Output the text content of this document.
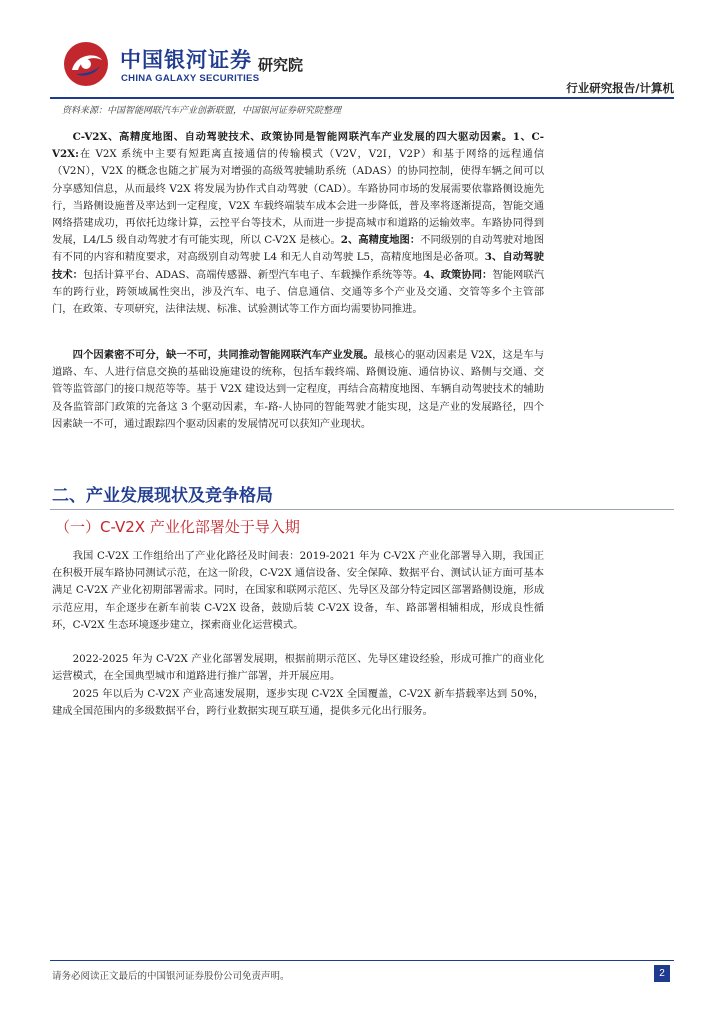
中国银河证券
CHINA GALAXY SECURITIES
研究院
行业研究报告/计算机
资料来源：中国智能网联汽车产业创新联盟，中国银河证券研究院整理

C-V2X、高精度地图、自动驾驶技术、政策协同是智能网联汽车产业发展的四大驱动因素。1、C-V2X:在 V2X 系统中主要有短距离直接通信的传输模式（V2V，V2I，V2P）和基于网络的远程通信（V2N），V2X 的概念也随之扩展为对增强的高级驾驶辅助系统（ADAS）的协同控制，使得车辆之间可以分享感知信息，从而最终 V2X 将发展为协作式自动驾驶（CAD）。车路协同市场的发展需要依靠路侧设施先行，当路侧设施普及率达到一定程度，V2X 车载终端装车成本会进一步降低，普及率将逐渐提高，智能交通网络搭建成功，再依托边缘计算，云控平台等技术，从而进一步提高城市和道路的运输效率。车路协同得到发展，L4/L5 级自动驾驶才有可能实现，所以 C-V2X 是核心。2、高精度地图：不同级别的自动驾驶对地图有不同的内容和精度要求，对高级别自动驾驶 L4 和无人自动驾驶 L5，高精度地图是必备项。3、自动驾驶技术：包括计算平台、ADAS、高端传感器、新型汽车电子、车载操作系统等等。4、政策协同：智能网联汽车的跨行业，跨领域属性突出，涉及汽车、电子、信息通信、交通等多个产业及交通、交管等多个主管部门，在政策、专项研究，法律法规、标准、试验测试等工作方面均需要协同推进。

四个因素密不可分，缺一不可，共同推动智能网联汽车产业发展。最核心的驱动因素是 V2X，这是车与道路、车、人进行信息交换的基础设施建设的统称，包括车载终端、路侧设施、通信协议、路侧与交通、交管等监管部门的接口规范等等。基于 V2X 建设达到一定程度，再结合高精度地图、车辆自动驾驶技术的辅助及各监管部门政策的完备这 3 个驱动因素，车-路-人协同的智能驾驶才能实现，这是产业的发展路径，四个因素缺一不可，通过跟踪四个驱动因素的发展情况可以获知产业现状。

二、产业发展现状及竞争格局
（一）C-V2X 产业化部署处于导入期

我国 C-V2X 工作组给出了产业化路径及时间表：2019-2021 年为 C-V2X 产业化部署导入期，我国正在积极开展车路协同测试示范，在这一阶段，C-V2X 通信设备、安全保障、数据平台、测试认证方面可基本满足 C-V2X 产业化初期部署需求。同时，在国家和联网示范区、先导区及部分特定园区部署路侧设施，形成示范应用，车企逐步在新车前装 C-V2X 设备，鼓励后装 C-V2X 设备，车、路部署相辅相成，形成良性循环，C-V2X 生态环境逐步建立，探索商业化运营模式。

2022-2025 年为 C-V2X 产业化部署发展期，根据前期示范区、先导区建设经验，形成可推广的商业化运营模式，在全国典型城市和道路进行推广部署，并开展应用。

2025 年以后为 C-V2X 产业高速发展期，逐步实现 C-V2X 全国覆盖，C-V2X 新车搭载率达到 50%，建成全国范围内的多级数据平台，跨行业数据实现互联互通，提供多元化出行服务。

请务必阅读正文最后的中国银河证券股份公司免责声明。	2
